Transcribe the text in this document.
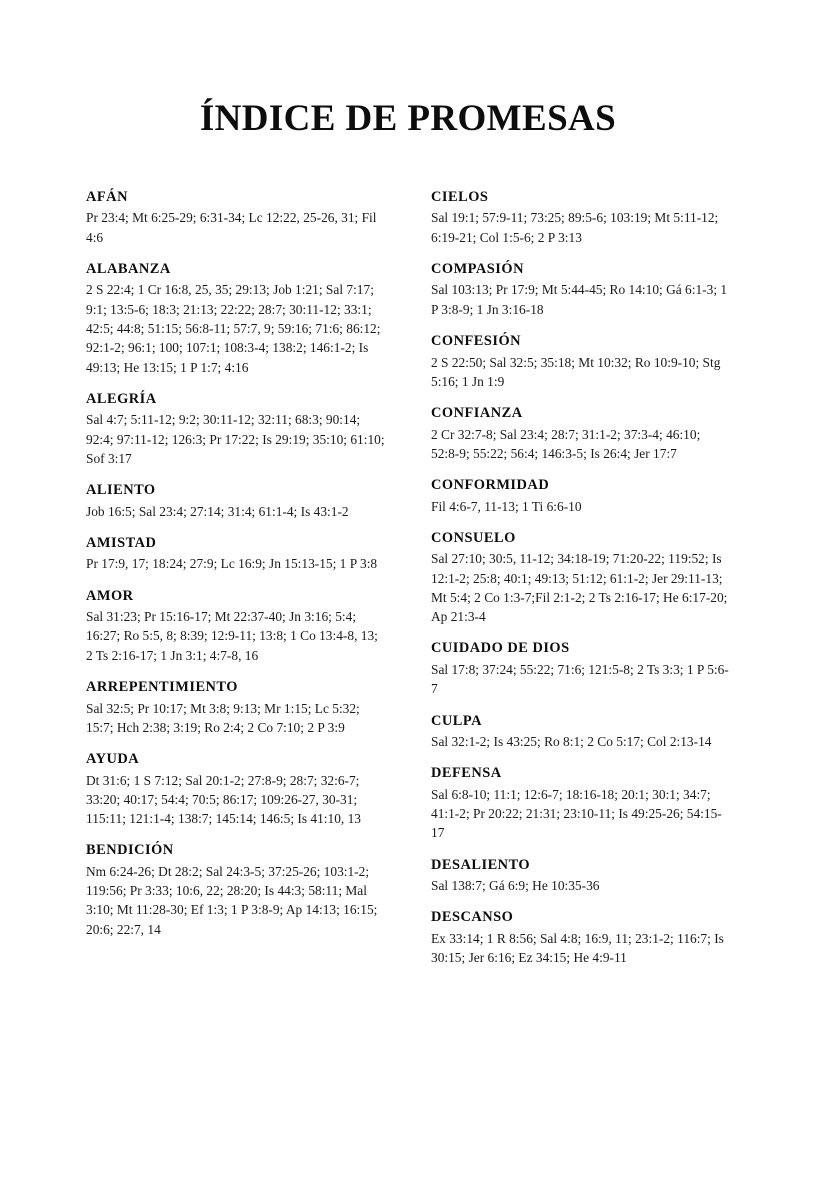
ÍNDICE DE PROMESAS
AFÁN
Pr 23:4; Mt 6:25-29; 6:31-34; Lc 12:22, 25-26, 31; Fil 4:6
ALABANZA
2 S 22:4; 1 Cr 16:8, 25, 35; 29:13; Job 1:21; Sal 7:17; 9:1; 13:5-6; 18:3; 21:13; 22:22; 28:7; 30:11-12; 33:1; 42:5; 44:8; 51:15; 56:8-11; 57:7, 9; 59:16; 71:6; 86:12; 92:1-2; 96:1; 100; 107:1; 108:3-4; 138:2; 146:1-2; Is 49:13; He 13:15; 1 P 1:7; 4:16
ALEGRÍA
Sal 4:7; 5:11-12; 9:2; 30:11-12; 32:11; 68:3; 90:14; 92:4; 97:11-12; 126:3; Pr 17:22; Is 29:19; 35:10; 61:10; Sof 3:17
ALIENTO
Job 16:5; Sal 23:4; 27:14; 31:4; 61:1-4; Is 43:1-2
AMISTAD
Pr 17:9, 17; 18:24; 27:9; Lc 16:9; Jn 15:13-15; 1 P 3:8
AMOR
Sal 31:23; Pr 15:16-17; Mt 22:37-40; Jn 3:16; 5:4; 16:27; Ro 5:5, 8; 8:39; 12:9-11; 13:8; 1 Co 13:4-8, 13; 2 Ts 2:16-17; 1 Jn 3:1; 4:7-8, 16
ARREPENTIMIENTO
Sal 32:5; Pr 10:17; Mt 3:8; 9:13; Mr 1:15; Lc 5:32; 15:7; Hch 2:38; 3:19; Ro 2:4; 2 Co 7:10; 2 P 3:9
AYUDA
Dt 31:6; 1 S 7:12; Sal 20:1-2; 27:8-9; 28:7; 32:6-7; 33:20; 40:17; 54:4; 70:5; 86:17; 109:26-27, 30-31; 115:11; 121:1-4; 138:7; 145:14; 146:5; Is 41:10, 13
BENDICIÓN
Nm 6:24-26; Dt 28:2; Sal 24:3-5; 37:25-26; 103:1-2; 119:56; Pr 3:33; 10:6, 22; 28:20; Is 44:3; 58:11; Mal 3:10; Mt 11:28-30; Ef 1:3; 1 P 3:8-9; Ap 14:13; 16:15; 20:6; 22:7, 14
CIELOS
Sal 19:1; 57:9-11; 73:25; 89:5-6; 103:19; Mt 5:11-12; 6:19-21; Col 1:5-6; 2 P 3:13
COMPASIÓN
Sal 103:13; Pr 17:9; Mt 5:44-45; Ro 14:10; Gá 6:1-3; 1 P 3:8-9; 1 Jn 3:16-18
CONFESIÓN
2 S 22:50; Sal 32:5; 35:18; Mt 10:32; Ro 10:9-10; Stg 5:16; 1 Jn 1:9
CONFIANZA
2 Cr 32:7-8; Sal 23:4; 28:7; 31:1-2; 37:3-4; 46:10; 52:8-9; 55:22; 56:4; 146:3-5; Is 26:4; Jer 17:7
CONFORMIDAD
Fil 4:6-7, 11-13; 1 Ti 6:6-10
CONSUELO
Sal 27:10; 30:5, 11-12; 34:18-19; 71:20-22; 119:52; Is 12:1-2; 25:8; 40:1; 49:13; 51:12; 61:1-2; Jer 29:11-13; Mt 5:4; 2 Co 1:3-7;Fil 2:1-2; 2 Ts 2:16-17; He 6:17-20; Ap 21:3-4
CUIDADO DE DIOS
Sal 17:8; 37:24; 55:22; 71:6; 121:5-8; 2 Ts 3:3; 1 P 5:6-7
CULPA
Sal 32:1-2; Is 43:25; Ro 8:1; 2 Co 5:17; Col 2:13-14
DEFENSA
Sal 6:8-10; 11:1; 12:6-7; 18:16-18; 20:1; 30:1; 34:7; 41:1-2; Pr 20:22; 21:31; 23:10-11; Is 49:25-26; 54:15-17
DESALIENTO
Sal 138:7; Gá 6:9; He 10:35-36
DESCANSO
Ex 33:14; 1 R 8:56; Sal 4:8; 16:9, 11; 23:1-2; 116:7; Is 30:15; Jer 6:16; Ez 34:15; He 4:9-11
